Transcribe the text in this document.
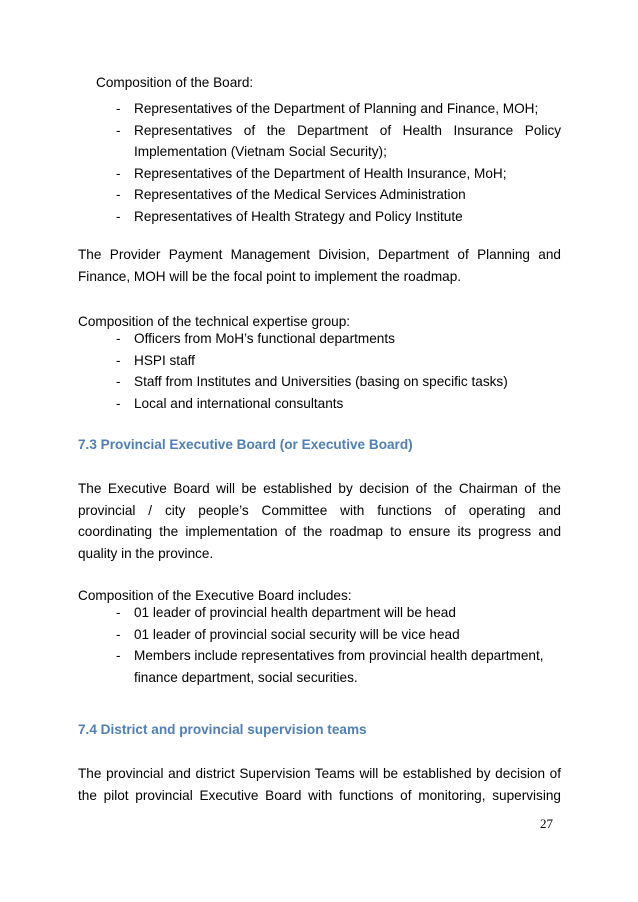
Composition of the Board:
- Representatives of the Department of Planning and Finance, MOH;
- Representatives of the Department of Health Insurance Policy
Implementation (Vietnam Social Security);
- Representatives of the Department of Health Insurance, MoH;
- Representatives of the Medical Services Administration
- Representatives of Health Strategy and Policy Institute
The Provider Payment Management Division, Department of Planning and
Finance, MOH will be the focal point to implement the roadmap.
Composition of the technical expertise group:
- Officers from MoH’s functional departments
- HSPI staff
- Staff from Institutes and Universities (basing on specific tasks)
- Local and international consultants
7.3 Provincial Executive Board (or Executive Board)
The Executive Board will be established by decision of the Chairman of the
provincial / city people’s Committee with functions of operating and
coordinating the implementation of the roadmap to ensure its progress and
quality in the province.
Composition of the Executive Board includes:
- 01 leader of provincial health department will be head
- 01 leader of provincial social security will be vice head
- Members include representatives from provincial health department,
finance department, social securities.
7.4 District and provincial supervision teams
The provincial and district Supervision Teams will be established by decision of
the pilot provincial Executive Board with functions of monitoring, supervising
27
